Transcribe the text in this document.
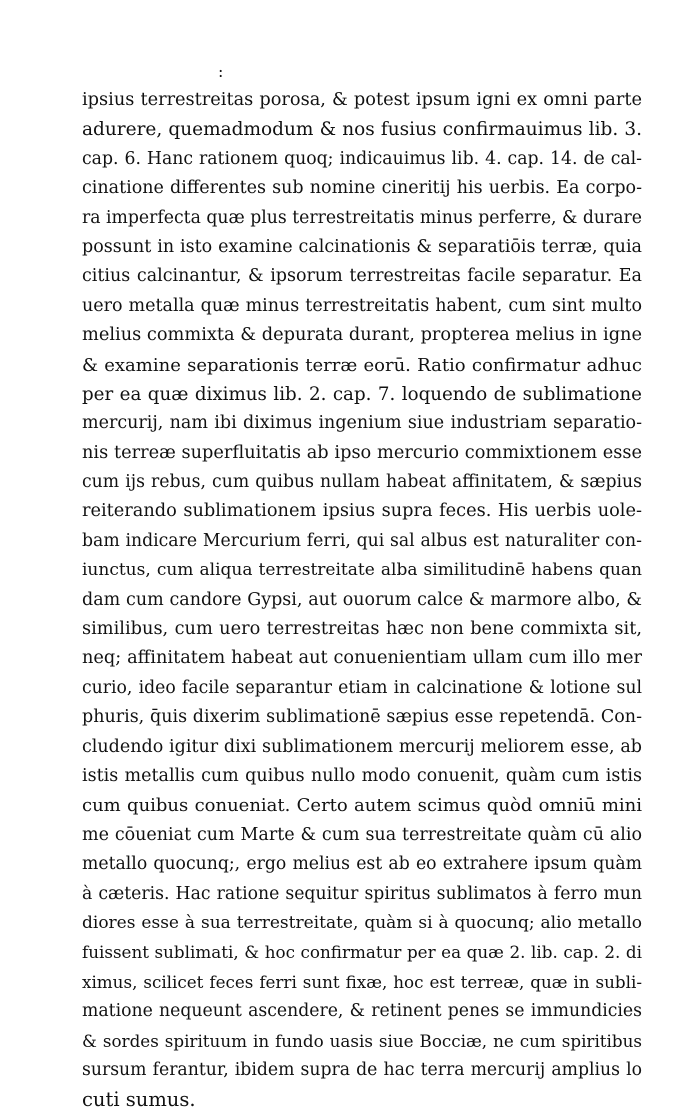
:
ipsius terrestreitas porosa, & potest ipsum igni ex omni parte
adurere, quemadmodum & nos fusius confirmauimus lib. 3.
cap. 6. Hanc rationem quoq; indicauimus lib. 4. cap. 14. de cal-
cinatione differentes sub nomine cineritij his uerbis. Ea corpo-
ra imperfecta quæ plus terrestreitatis minus perferre, & durare
possunt in isto examine calcinationis & separatiōis terræ, quia
citius calcinantur, & ipsorum terrestreitas facile separatur. Ea
uero metalla quæ minus terrestreitatis habent, cum sint multo
melius commixta & depurata durant, propterea melius in igne
& examine separationis terræ eorū. Ratio confirmatur adhuc
per ea quæ diximus lib. 2. cap. 7. loquendo de sublimatione
mercurij, nam ibi diximus ingenium siue industriam separatio-
nis terreæ superfluitatis ab ipso mercurio commixtionem esse
cum ijs rebus, cum quibus nullam habeat affinitatem, & sæpius
reiterando sublimationem ipsius supra feces. His uerbis uole-
bam indicare Mercurium ferri, qui sal albus est naturaliter con-
iunctus, cum aliqua terrestreitate alba similitudinē habens quan
dam cum candore Gypsi, aut ouorum calce & marmore albo, &
similibus, cum uero terrestreitas hæc non bene commixta sit,
neq; affinitatem habeat aut conuenientiam ullam cum illo mer
curio, ideo facile separantur etiam in calcinatione & lotione sul
phuris, q̄uis dixerim sublimationē sæpius esse repetendā. Con-
cludendo igitur dixi sublimationem mercurij meliorem esse, ab
istis metallis cum quibus nullo modo conuenit, quàm cum istis
cum quibus conueniat. Certo autem scimus quòd omniū mini
me cōueniat cum Marte & cum sua terrestreitate quàm cū alio
metallo quocunq;, ergo melius est ab eo extrahere ipsum quàm
à cæteris. Hac ratione sequitur spiritus sublimatos à ferro mun
diores esse à sua terrestreitate, quàm si à quocunq; alio metallo
fuissent sublimati, & hoc confirmatur per ea quæ 2. lib. cap. 2. di
ximus, scilicet feces ferri sunt fixæ, hoc est terreæ, quæ in subli-
matione nequeunt ascendere, & retinent penes se immundicies
& sordes spirituum in fundo uasis siue Bocciæ, ne cum spiritibus
sursum ferantur, ibidem supra de hac terra mercurij amplius lo
cuti sumus.
